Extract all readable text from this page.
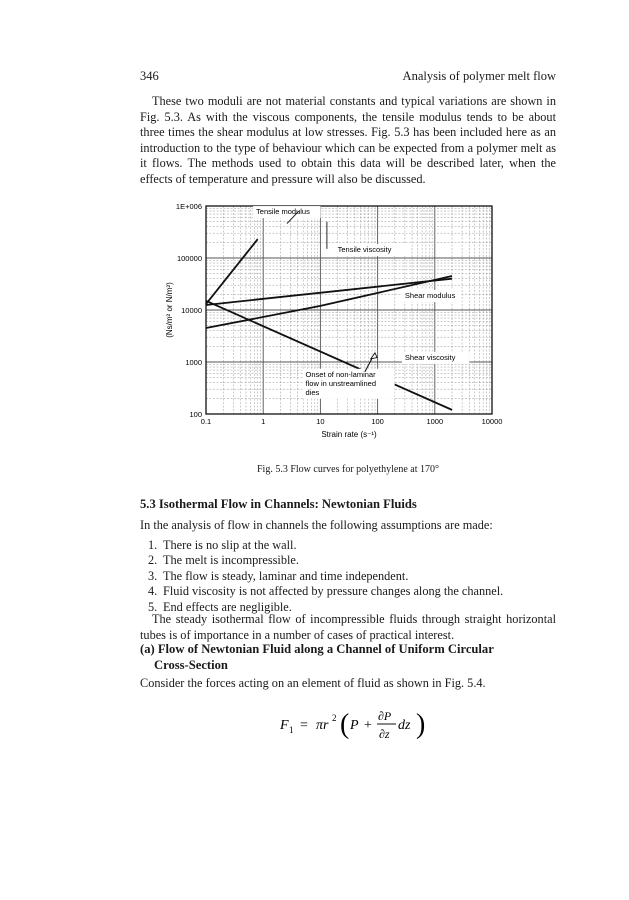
346	Analysis of polymer melt flow

These two moduli are not material constants and typical variations are shown in Fig. 5.3. As with the viscous components, the tensile modulus tends to be about three times the shear modulus at low stresses. Fig. 5.3 has been included here as an introduction to the type of behaviour which can be expected from a polymer melt as it flows. The methods used to obtain this data will be described later, when the effects of temperature and pressure will also be discussed.

0.1	1	10	100	1000	10000
100
1000
10000
100000
1E+006
Tensile modulus
Tensile viscosity
Shear modulus
Shear viscosity
Onset of non-laminar
flow in unstreamlined
dies
Strain rate (s⁻¹)
(Ns/m² or N/m²)
Fig. 5.3 Flow curves for polyethylene at 170°
5.3 Isothermal Flow in Channels: Newtonian Fluids

In the analysis of flow in channels the following assumptions are made:

1. There is no slip at the wall.
2. The melt is incompressible.
3. The flow is steady, laminar and time independent.
4. Fluid viscosity is not affected by pressure changes along the channel.
5. End effects are negligible.

The steady isothermal flow of incompressible fluids through straight horizontal tubes is of importance in a number of cases of practical interest.

(a) Flow of Newtonian Fluid along a Channel of Uniform Circular
Cross-Section

Consider the forces acting on an element of fluid as shown in Fig. 5.4.

F 1 = πr 2 ( P +
∂P
∂z
dz )
